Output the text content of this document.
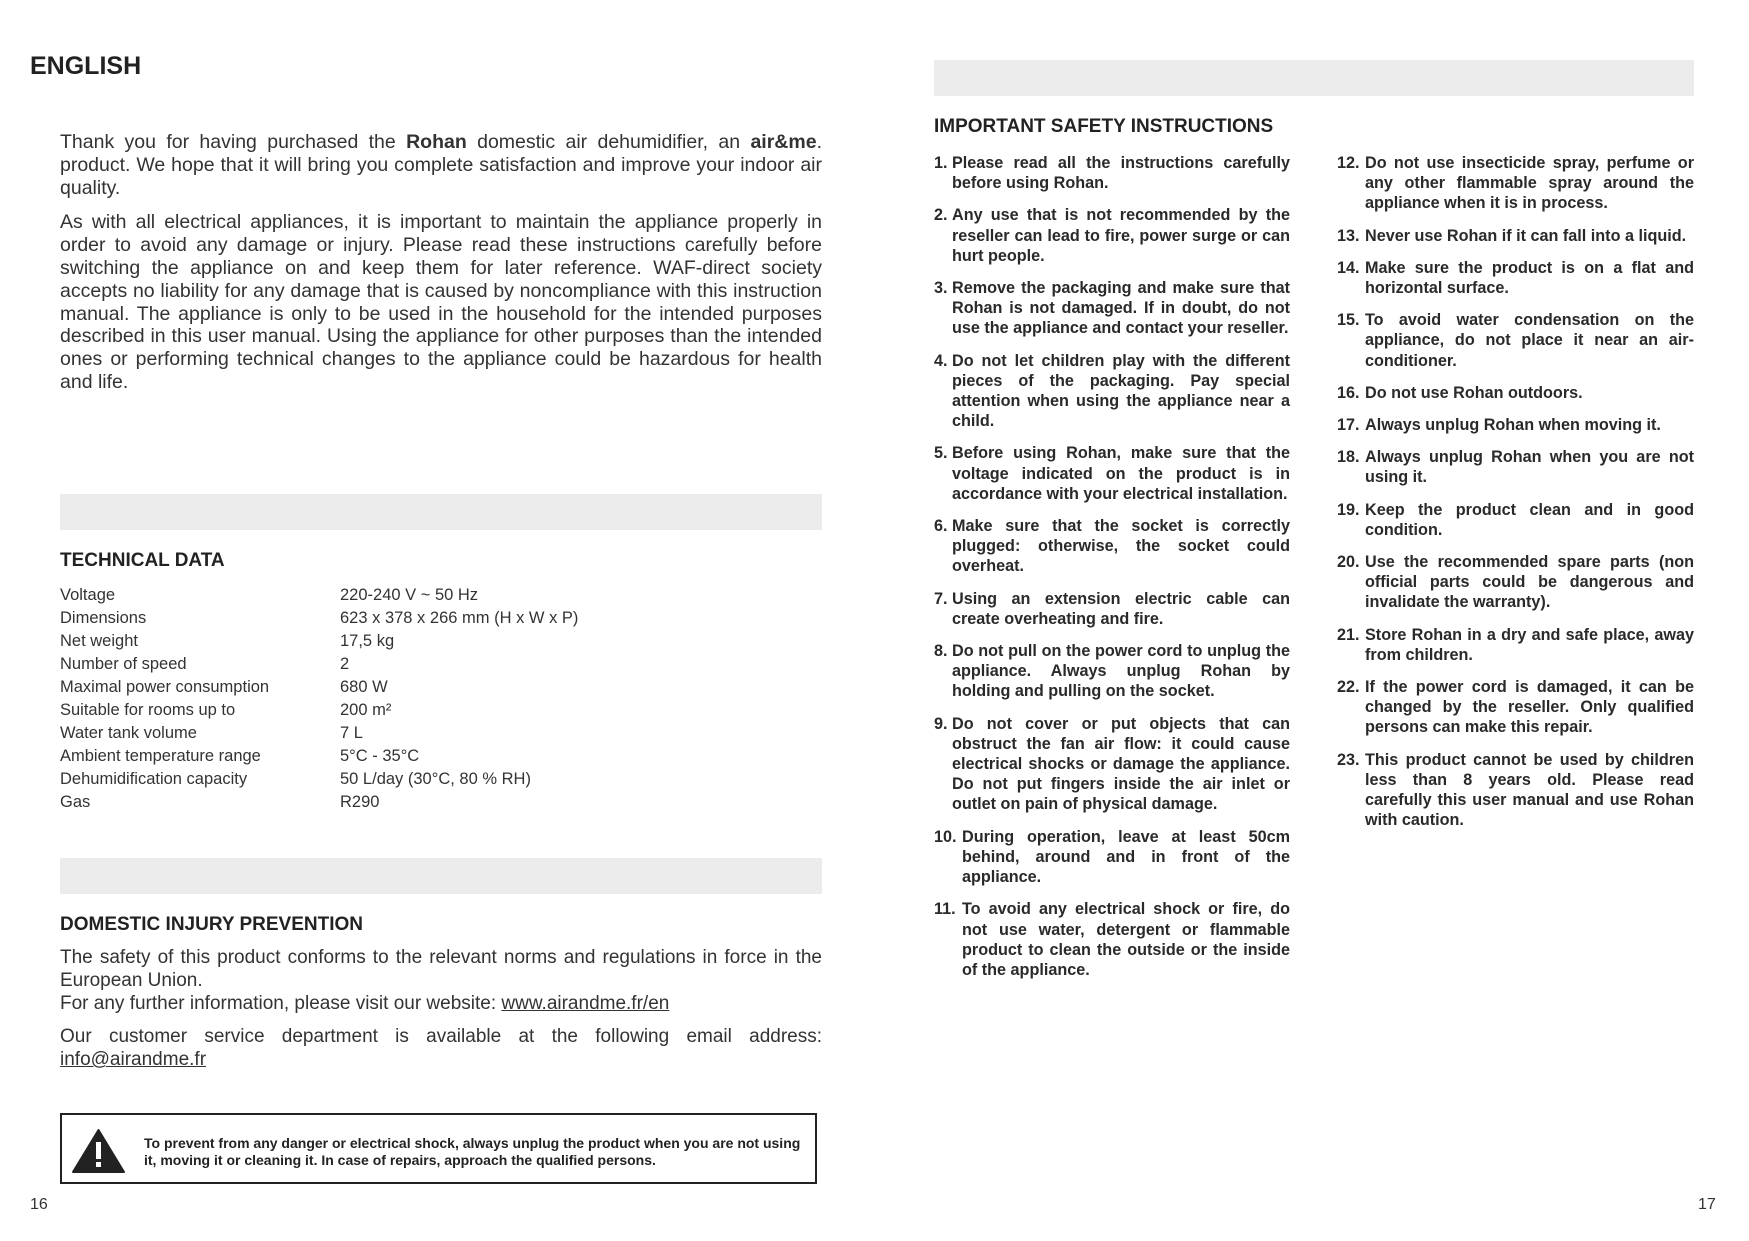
ENGLISH

Thank you for having purchased the Rohan domestic air dehumidifier, an air&me. product. We hope that it will bring you complete satisfaction and improve your indoor air quality.

As with all electrical appliances, it is important to maintain the appliance properly in order to avoid any damage or injury. Please read these instructions carefully before switching the appliance on and keep them for later reference. WAF-direct society accepts no liability for any damage that is caused by noncompliance with this instruction manual. The appliance is only to be used in the household for the intended purposes described in this user manual. Using the appliance for other purposes than the intended ones or performing technical changes to the appliance could be hazardous for health and life.

TECHNICAL DATA
Voltage	220-240 V ~ 50 Hz
Dimensions	623 x 378 x 266 mm (H x W x P)
Net weight	17,5 kg
Number of speed	2
Maximal power consumption	680 W
Suitable for rooms up to	200 m²
Water tank volume	7 L
Ambient temperature range	5°C - 35°C
Dehumidification capacity	50 L/day (30°C, 80 % RH)
Gas	R290
DOMESTIC INJURY PREVENTION

The safety of this product conforms to the relevant norms and regulations in force in the European Union.
For any further information, please visit our website: www.airandme.fr/en

Our customer service department is available at the following email address: info@airandme.fr

To prevent from any danger or electrical shock, always unplug the product when you are not using it, moving it or cleaning it. In case of repairs, approach the qualified persons.
16
IMPORTANT SAFETY INSTRUCTIONS
1. Please read all the instructions carefully before using Rohan.
2. Any use that is not recommended by the reseller can lead to fire, power surge or can hurt people.
3. Remove the packaging and make sure that Rohan is not damaged. If in doubt, do not use the appliance and contact your reseller.
4. Do not let children play with the different pieces of the packaging. Pay special attention when using the appliance near a child.
5. Before using Rohan, make sure that the voltage indicated on the product is in accordance with your electrical installation.
6. Make sure that the socket is correctly plugged: otherwise, the socket could overheat.
7. Using an extension electric cable can create overheating and fire.
8. Do not pull on the power cord to unplug the appliance. Always unplug Rohan by holding and pulling on the socket.
9. Do not cover or put objects that can obstruct the fan air flow: it could cause electrical shocks or damage the appliance. Do not put fingers inside the air inlet or outlet on pain of physical damage.
10. During operation, leave at least 50cm behind, around and in front of the appliance.
11. To avoid any electrical shock or fire, do not use water, detergent or flammable product to clean the outside or the inside of the appliance.
12. Do not use insecticide spray, perfume or any other flammable spray around the appliance when it is in process.
13. Never use Rohan if it can fall into a liquid.
14. Make sure the product is on a flat and horizontal surface.
15. To avoid water condensation on the appliance, do not place it near an air-conditioner.
16. Do not use Rohan outdoors.
17. Always unplug Rohan when moving it.
18. Always unplug Rohan when you are not using it.
19. Keep the product clean and in good condition.
20. Use the recommended spare parts (non official parts could be dangerous and invalidate the warranty).
21. Store Rohan in a dry and safe place, away from children.
22. If the power cord is damaged, it can be changed by the reseller. Only qualified persons can make this repair.
23. This product cannot be used by children less than 8 years old. Please read carefully this user manual and use Rohan with caution.
17
